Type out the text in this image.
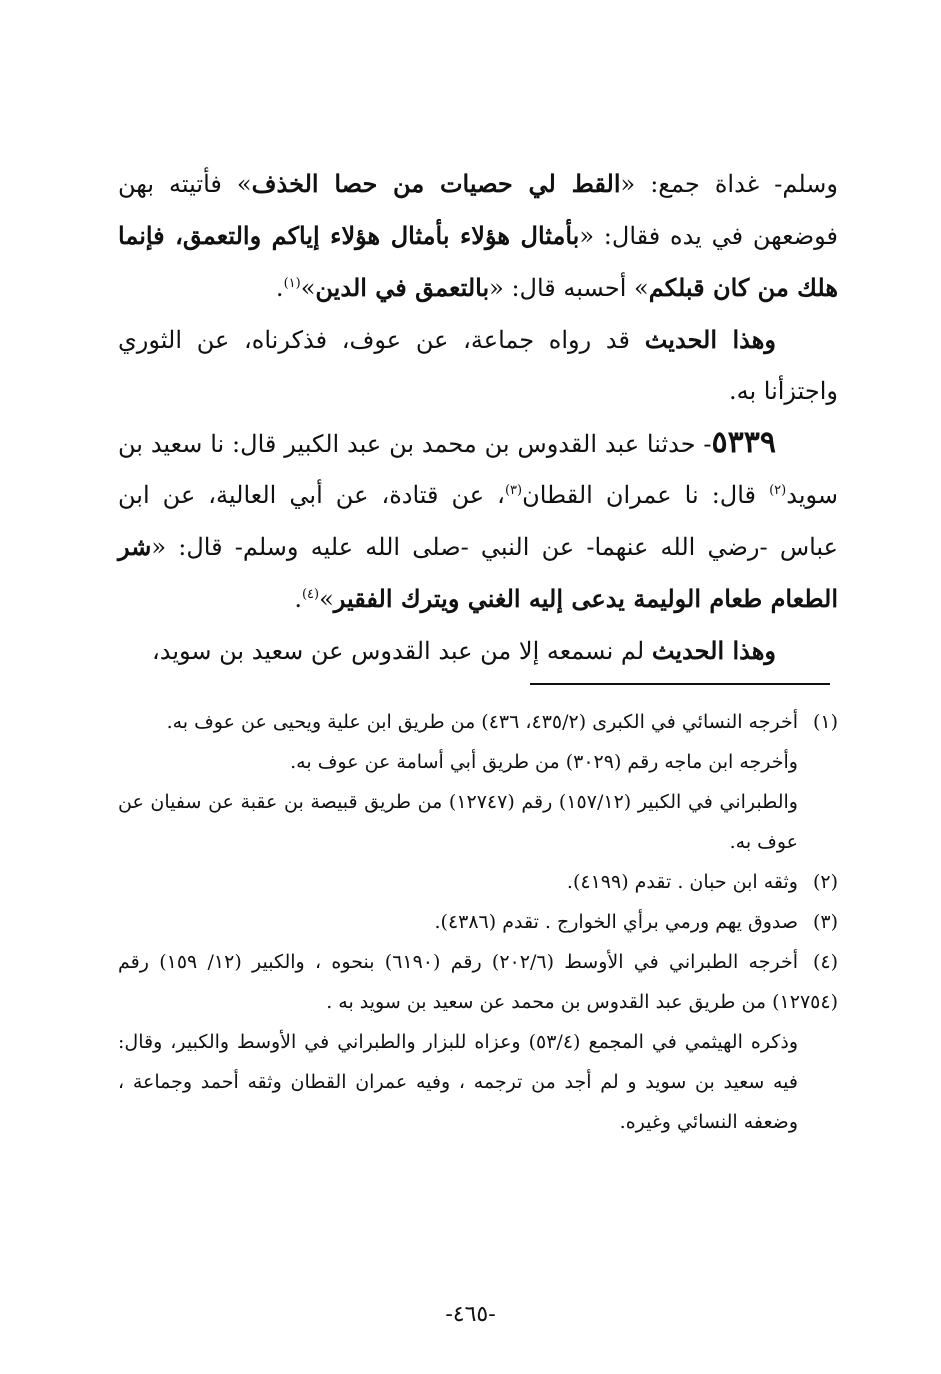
وسلم- غداة جمع: «القط لي حصيات من حصا الخذف» فأتيته بهن فوضعهن في يده فقال: «بأمثال هؤلاء بأمثال هؤلاء إياكم والتعمق، فإنما هلك من كان قبلكم» أحسبه قال: «بالتعمق في الدين»$^{(١)}$.

وهذا الحديث قد رواه جماعة، عن عوف، فذكرناه، عن الثوري واجتزأنا به.

٥٣٣٩- حدثنا عبد القدوس بن محمد بن عبد الكبير قال: نا سعيد بن سويد$^{(٢)}$ قال: نا عمران القطان$^{(٣)}$، عن قتادة، عن أبي العالية، عن ابن عباس -رضي الله عنهما- عن النبي -صلى الله عليه وسلم- قال: «شر الطعام طعام الوليمة يدعى إليه الغني ويترك الفقير»$^{(٤)}$.

وهذا الحديث لم نسمعه إلا من عبد القدوس عن سعيد بن سويد،

(١)أخرجه النسائي في الكبرى (٤٣٥/٢، ٤٣٦) من طريق ابن علية ويحيى عن عوف به.

وأخرجه ابن ماجه رقم (٣٠٢٩) من طريق أبي أسامة عن عوف به.

والطبراني في الكبير (١٥٧/١٢) رقم (١٢٧٤٧) من طريق قبيصة بن عقبة عن سفيان عن عوف به.

(٢)وثقه ابن حبان . تقدم (٤١٩٩).

(٣)صدوق يهم ورمي برأي الخوارج . تقدم (٤٣٨٦).

(٤)أخرجه الطبراني في الأوسط (٢٠٢/٦) رقم (٦١٩٠) بنحوه ، والكبير (١٢/ ١٥٩) رقم (١٢٧٥٤) من طريق عبد القدوس بن محمد عن سعيد بن سويد به .

وذكره الهيثمي في المجمع (٥٣/٤) وعزاه للبزار والطبراني في الأوسط والكبير، وقال: فيه سعيد بن سويد و لم أجد من ترجمه ، وفيه عمران القطان وثقه أحمد وجماعة ، وضعفه النسائي وغيره.

-٤٦٥-
